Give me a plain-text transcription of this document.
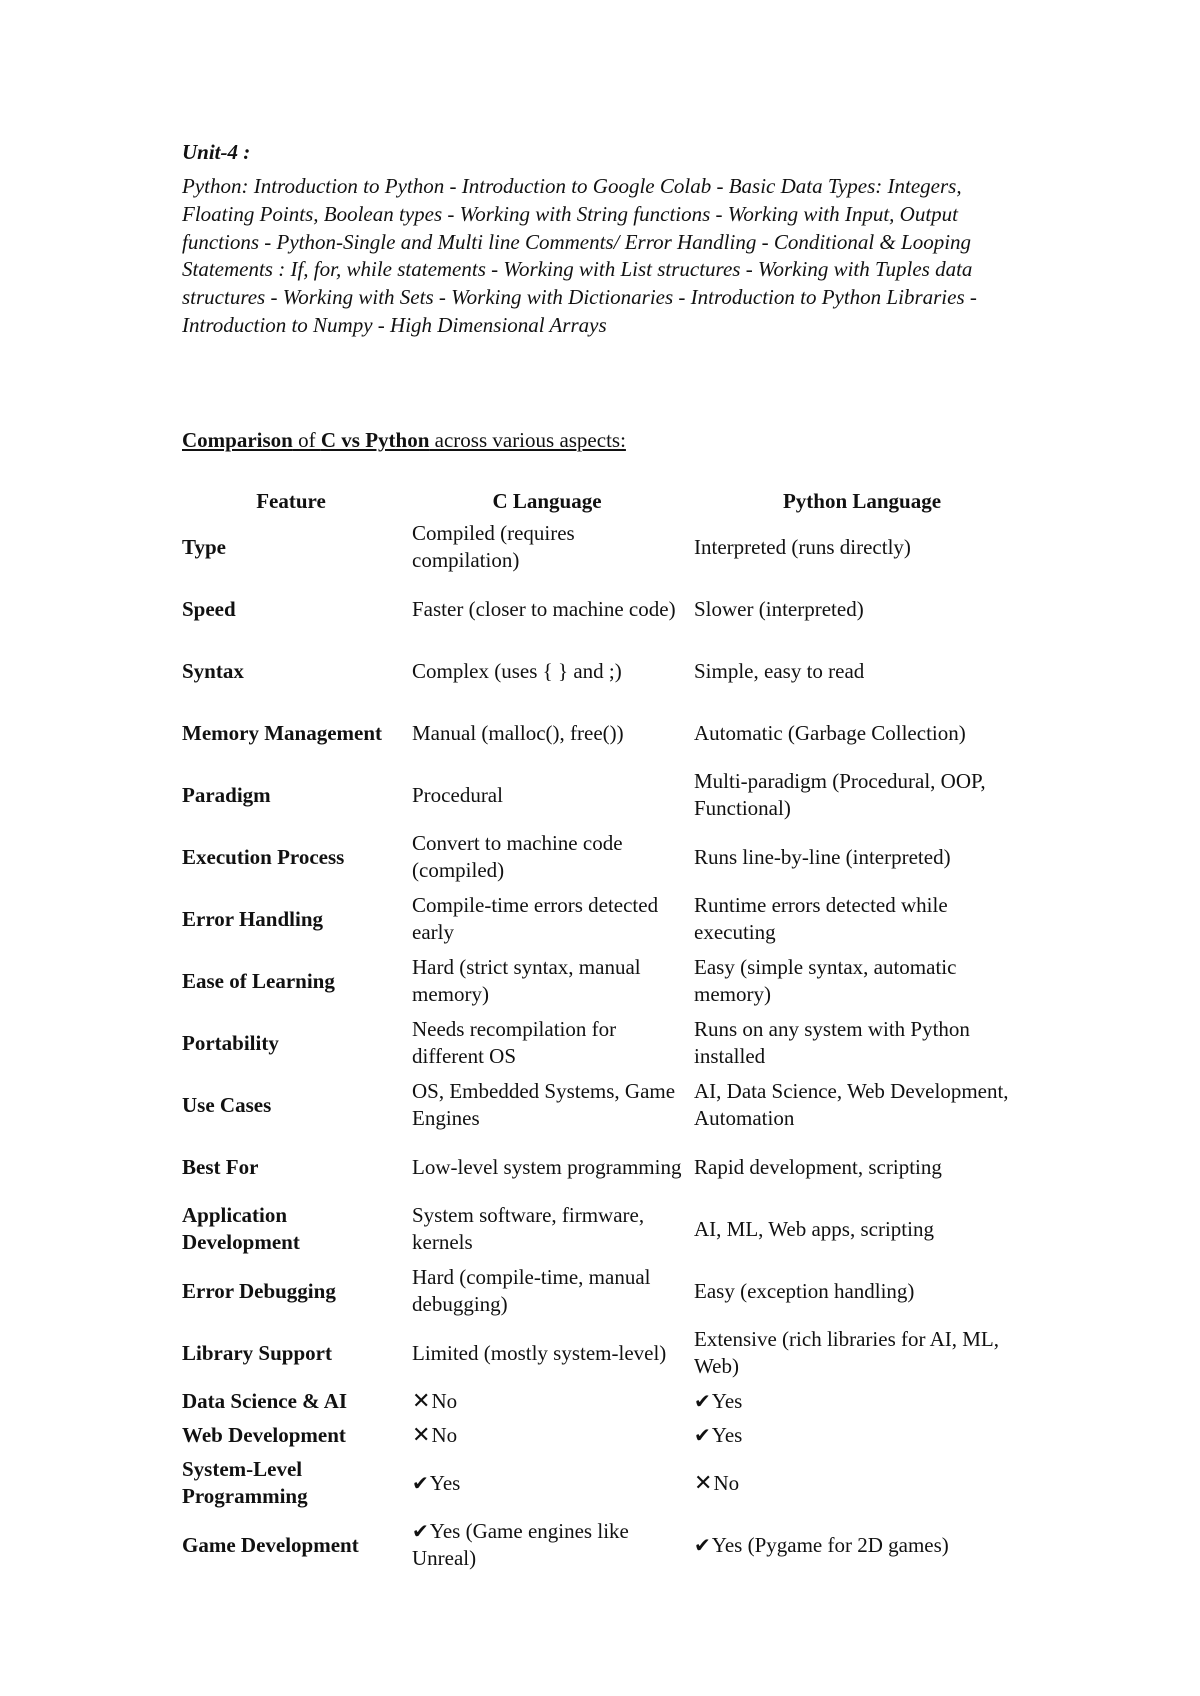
Unit-4 :
Python: Introduction to Python - Introduction to Google Colab - Basic Data Types: Integers, Floating Points, Boolean types - Working with String functions - Working with Input, Output functions - Python-Single and Multi line Comments/ Error Handling - Conditional & Looping Statements : If, for, while statements - Working with List structures - Working with Tuples data structures - Working with Sets - Working with Dictionaries - Introduction to Python Libraries - Introduction to Numpy - High Dimensional Arrays
Comparison of C vs Python across various aspects:
Feature	C Language	Python Language
Type	Compiled (requires compilation)	Interpreted (runs directly)
Speed	Faster (closer to machine code)	Slower (interpreted)
Syntax	Complex (uses { } and ;)	Simple, easy to read
Memory Management	Manual (malloc(), free())	Automatic (Garbage Collection)
Paradigm	Procedural	Multi-paradigm (Procedural, OOP, Functional)
Execution Process	Convert to machine code (compiled)	Runs line-by-line (interpreted)
Error Handling	Compile-time errors detected early	Runtime errors detected while executing
Ease of Learning	Hard (strict syntax, manual memory)	Easy (simple syntax, automatic memory)
Portability	Needs recompilation for different OS	Runs on any system with Python installed
Use Cases	OS, Embedded Systems, Game Engines	AI, Data Science, Web Development, Automation
Best For	Low-level system programming	Rapid development, scripting
Application Development	System software, firmware, kernels	AI, ML, Web apps, scripting
Error Debugging	Hard (compile-time, manual debugging)	Easy (exception handling)
Library Support	Limited (mostly system-level)	Extensive (rich libraries for AI, ML, Web)
Data Science & AI	✕No	✔Yes
Web Development	✕No	✔Yes
System-Level Programming	✔Yes	✕No
Game Development	✔Yes (Game engines like Unreal)	✔Yes (Pygame for 2D games)
